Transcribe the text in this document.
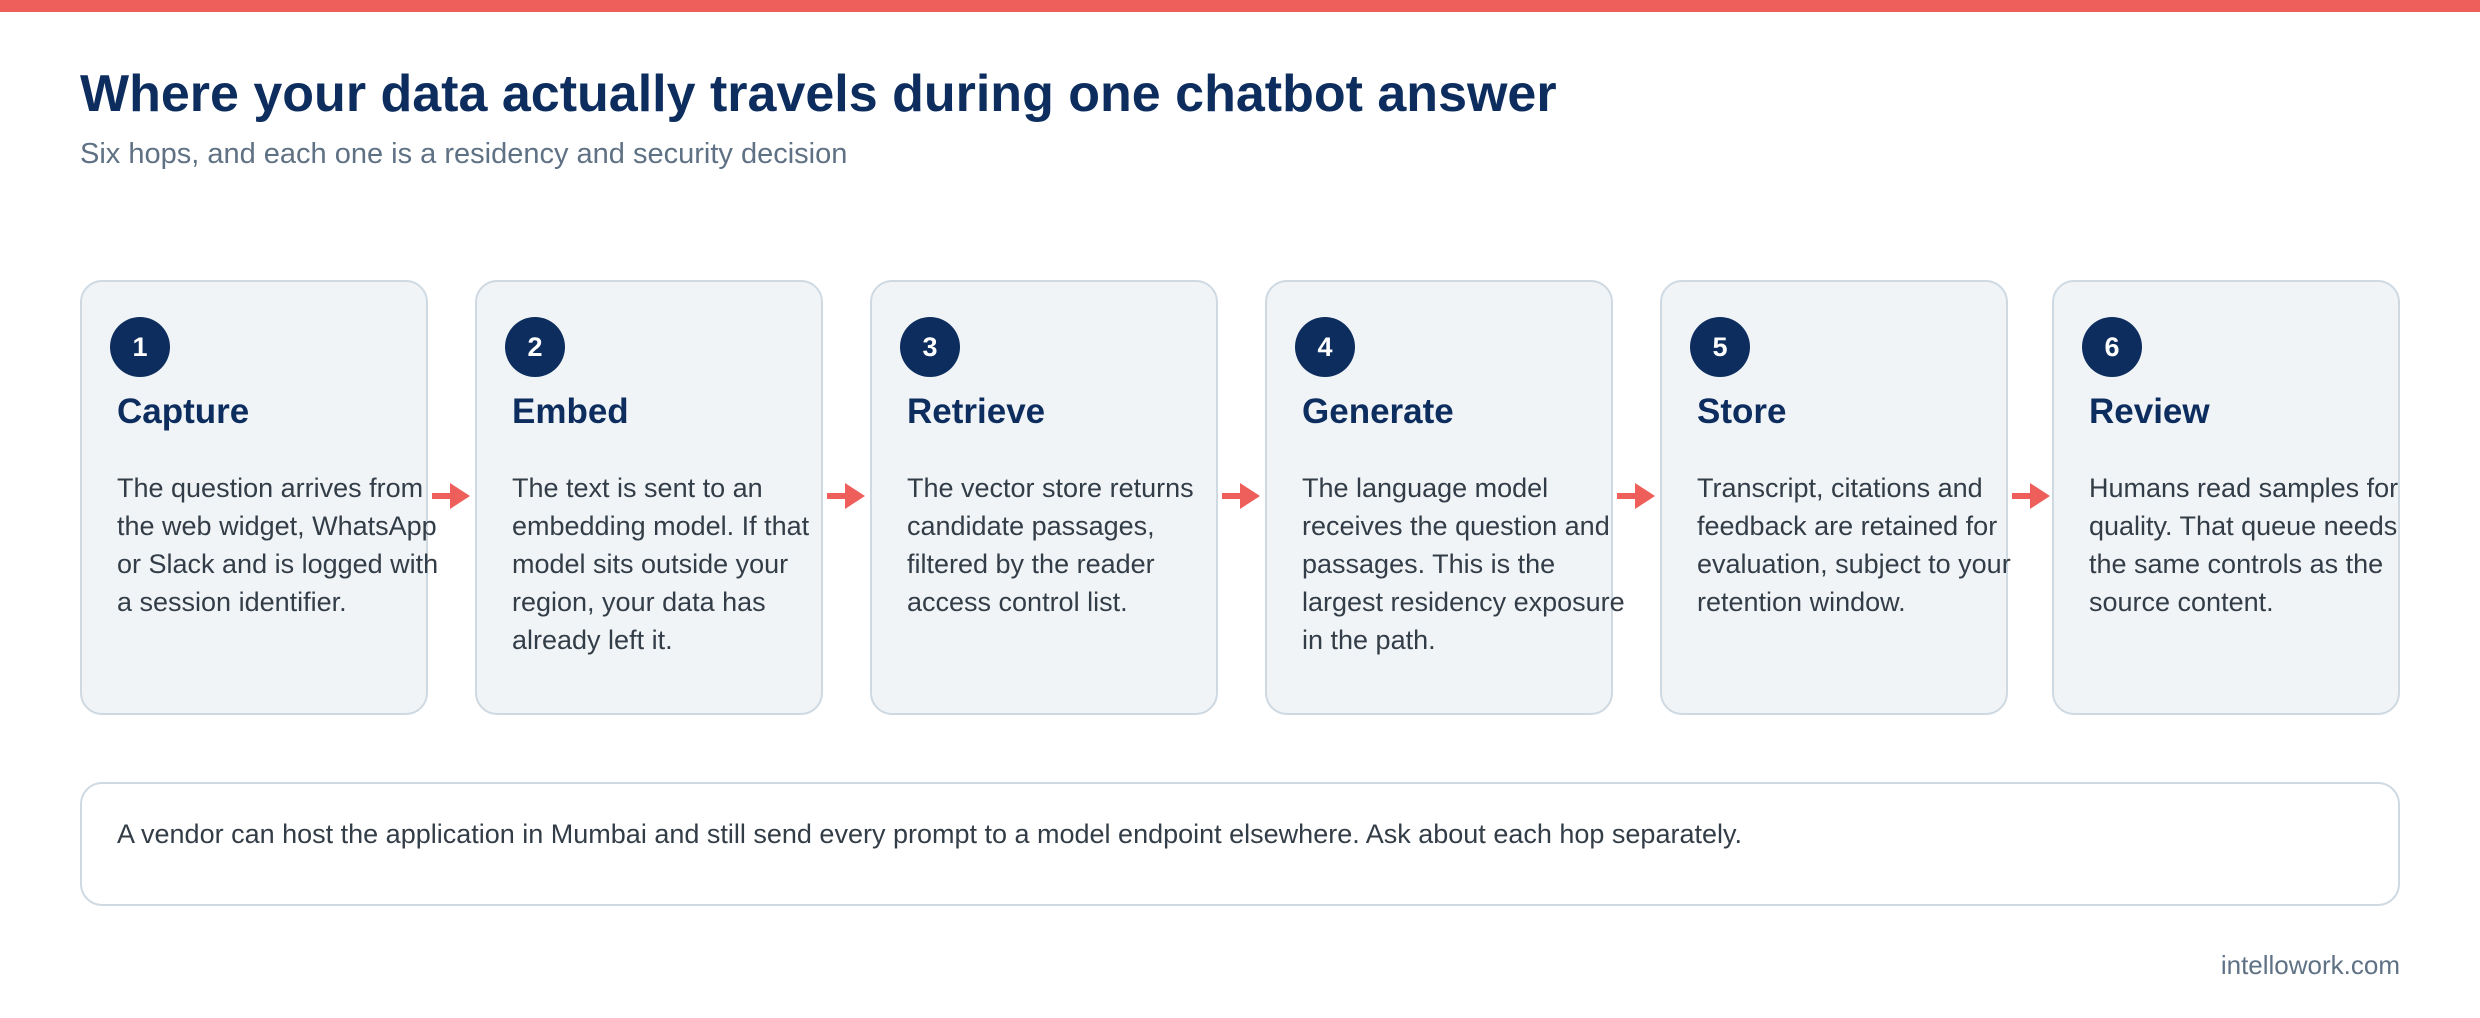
Where your data actually travels during one chatbot answer
Six hops, and each one is a residency and security decision
1
Capture
The question arrives from the web widget, WhatsApp or Slack and is logged with a session identifier.
2
Embed
The text is sent to an embedding model. If that model sits outside your region, your data has already left it.
3
Retrieve
The vector store returns candidate passages, filtered by the reader access control list.
4
Generate
The language model receives the question and passages. This is the largest residency exposure in the path.
5
Store
Transcript, citations and feedback are retained for evaluation, subject to your retention window.
6
Review
Humans read samples for quality. That queue needs the same controls as the source content.
A vendor can host the application in Mumbai and still send every prompt to a model endpoint elsewhere. Ask about each hop separately.
intellowork.com
